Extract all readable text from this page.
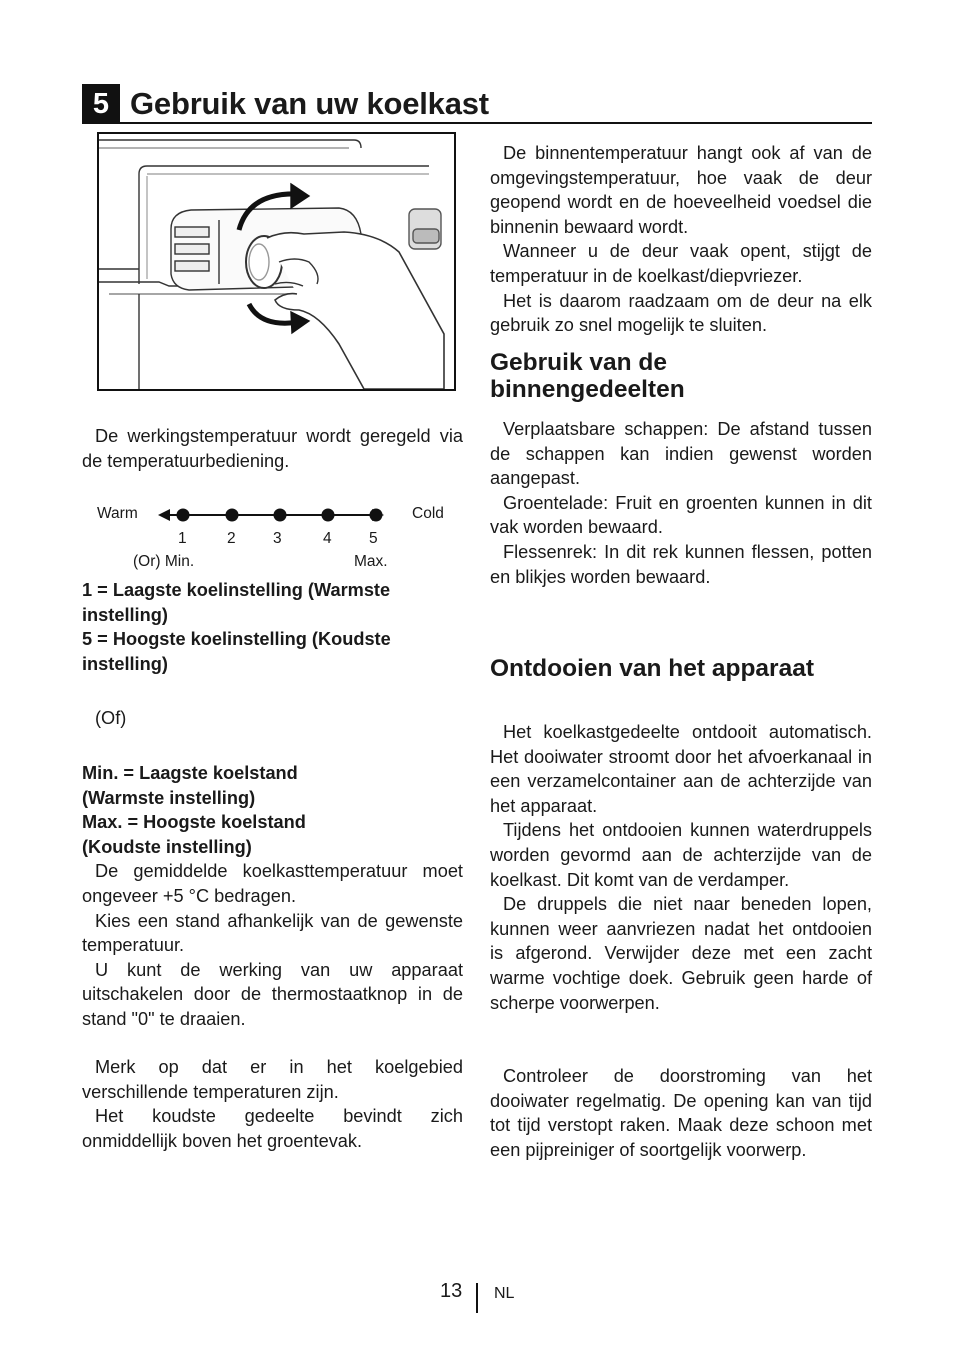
5 Gebruik van uw koelkast

De werkingstemperatuur wordt geregeld via de temperatuurbediening.

Warm	Cold
1	2 3	4 5
(Or) Min.	Max.

1 = Laagste koelinstelling (Warmste instelling)

5 = Hoogste koelinstelling (Koudste instelling)

(Of)

Min. = Laagste koelstand

(Warmste instelling)

Max. = Hoogste koelstand

(Koudste instelling)

De gemiddelde koelkasttemperatuur moet ongeveer +5 °C bedragen.

Kies een stand afhankelijk van de gewenste temperatuur.

U kunt de werking van uw apparaat uitschakelen door de thermostaatknop in de stand "0" te draaien.

Merk op dat er in het koelgebied verschillende temperaturen zijn.

Het koudste gedeelte bevindt zich onmiddellijk boven het groentevak.

De binnentemperatuur hangt ook af van de omgevingstemperatuur, hoe vaak de deur geopend wordt en de hoeveelheid voedsel die binnenin bewaard wordt.

Wanneer u de deur vaak opent, stijgt de temperatuur in de koelkast/diepvriezer.

Het is daarom raadzaam om de deur na elk gebruik zo snel mogelijk te sluiten.

Gebruik van de
binnengedeelten

Verplaatsbare schappen: De afstand tussen de schappen kan indien gewenst worden aangepast.

Groentelade: Fruit en groenten kunnen in dit vak worden bewaard.

Flessenrek: In dit rek kunnen flessen, potten en blikjes worden bewaard.

Ontdooien van het apparaat

Het koelkastgedeelte ontdooit automatisch. Het dooiwater stroomt door het afvoerkanaal in een verzamelcontainer aan de achterzijde van het apparaat.

Tijdens het ontdooien kunnen waterdruppels worden gevormd aan de achterzijde van de koelkast. Dit komt van de verdamper.

De druppels die niet naar beneden lopen, kunnen weer aanvriezen nadat het ontdooien is afgerond. Verwijder deze met een zacht warme vochtige doek. Gebruik geen harde of scherpe voorwerpen.

Controleer de doorstroming van het dooiwater regelmatig. De opening kan van tijd tot tijd verstopt raken. Maak deze schoon met een pijpreiniger of soortgelijk voorwerp.

13 NL
